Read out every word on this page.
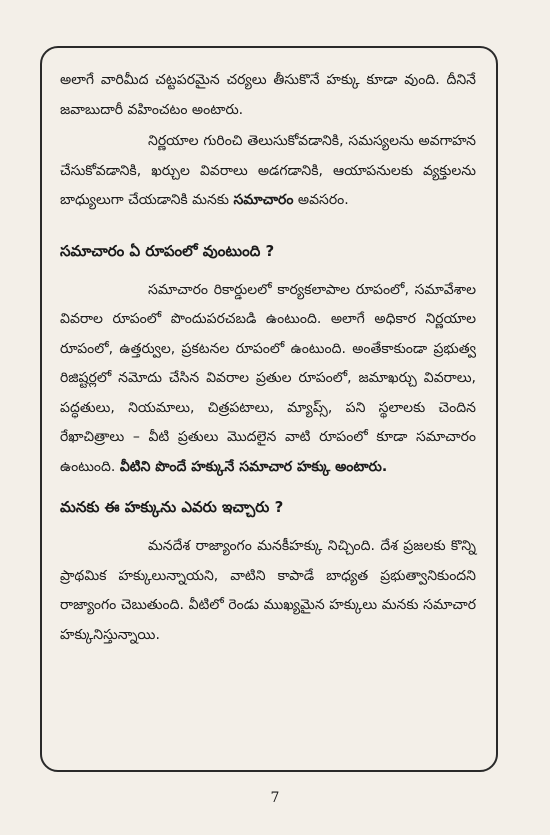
అలాగే వారిమీద చట్టపరమైన చర్యలు తీసుకొనే హక్కు కూడా వుంది. దీనినే జవాబుదారీ వహించటం అంటారు.

నిర్ణయాల గురించి తెలుసుకోవడానికి, సమస్యలను అవగాహన చేసుకోవడానికి, ఖర్చుల వివరాలు అడగడానికి, ఆయాపనులకు వ్యక్తులను బాధ్యులుగా చేయడానికి మనకు సమాచారం అవసరం.

సమాచారం ఏ రూపంలో వుంటుంది ?

సమాచారం రికార్డులలో కార్యకలాపాల రూపంలో, సమావేశాల వివరాల రూపంలో పొందుపరచబడి ఉంటుంది. అలాగే అధికార నిర్ణయాల రూపంలో, ఉత్తర్వుల, ప్రకటనల రూపంలో ఉంటుంది. అంతేకాకుండా ప్రభుత్వ రిజిష్టర్లలో నమోదు చేసిన వివరాల ప్రతుల రూపంలో, జమాఖర్చు వివరాలు, పద్ధతులు, నియమాలు, చిత్రపటాలు, మ్యాప్స్, పని స్థలాలకు చెందిన రేఖాచిత్రాలు – వీటి ప్రతులు మొదలైన వాటి రూపంలో కూడా సమాచారం ఉంటుంది. వీటిని పొందే హక్కునే సమాచార హక్కు అంటారు.

మనకు ఈ హక్కును ఎవరు ఇచ్చారు ?

మనదేశ రాజ్యాంగం మనకీహక్కు నిచ్చింది. దేశ ప్రజలకు కొన్ని ప్రాథమిక హక్కులున్నాయని, వాటిని కాపాడే బాధ్యత ప్రభుత్వానికుందని రాజ్యాంగం చెబుతుంది. వీటిలో రెండు ముఖ్యమైన హక్కులు మనకు సమాచార హక్కునిస్తున్నాయి.

7
